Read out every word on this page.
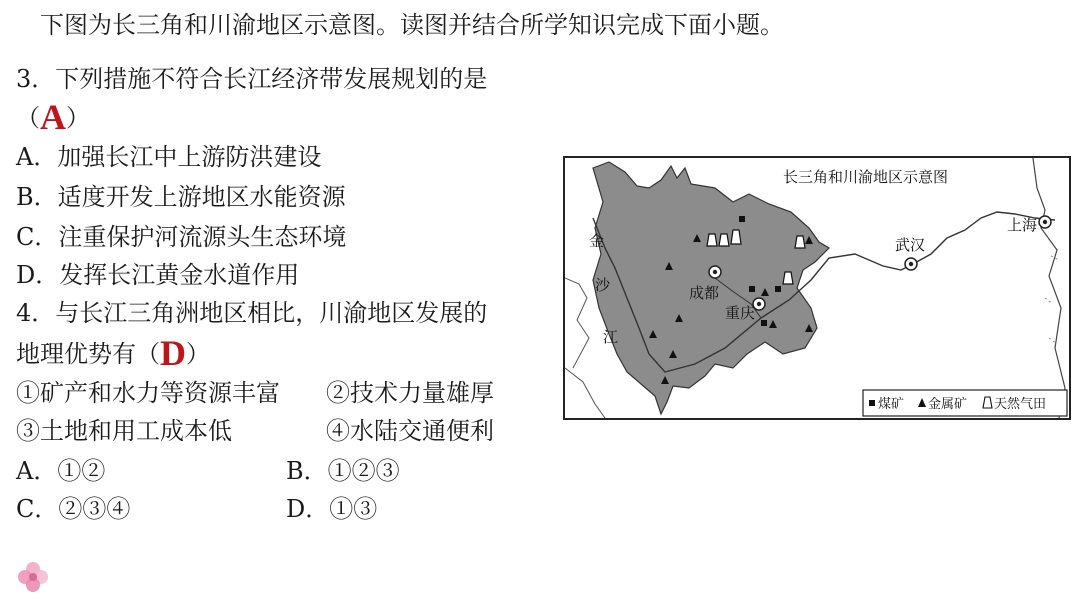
下图为长三角和川渝地区示意图。读图并结合所学知识完成下面小题。
3．下列措施不符合长江经济带发展规划的是
（A）
A．加强长江中上游防洪建设
B．适度开发上游地区水能资源
C．注重保护河流源头生态环境
D．发挥长江黄金水道作用
4．与长江三角洲地区相比，川渝地区发展的
地理优势有（D）
①矿产和水力等资源丰富 ②技术力量雄厚
③土地和用工成本低	④水陆交通便利
A．①②	B．①②③
C．②③④	D．①③
长三角和川渝地区示意图
金
沙
江
成都
重庆
武汉
上海
煤矿 金属矿 天然气田
